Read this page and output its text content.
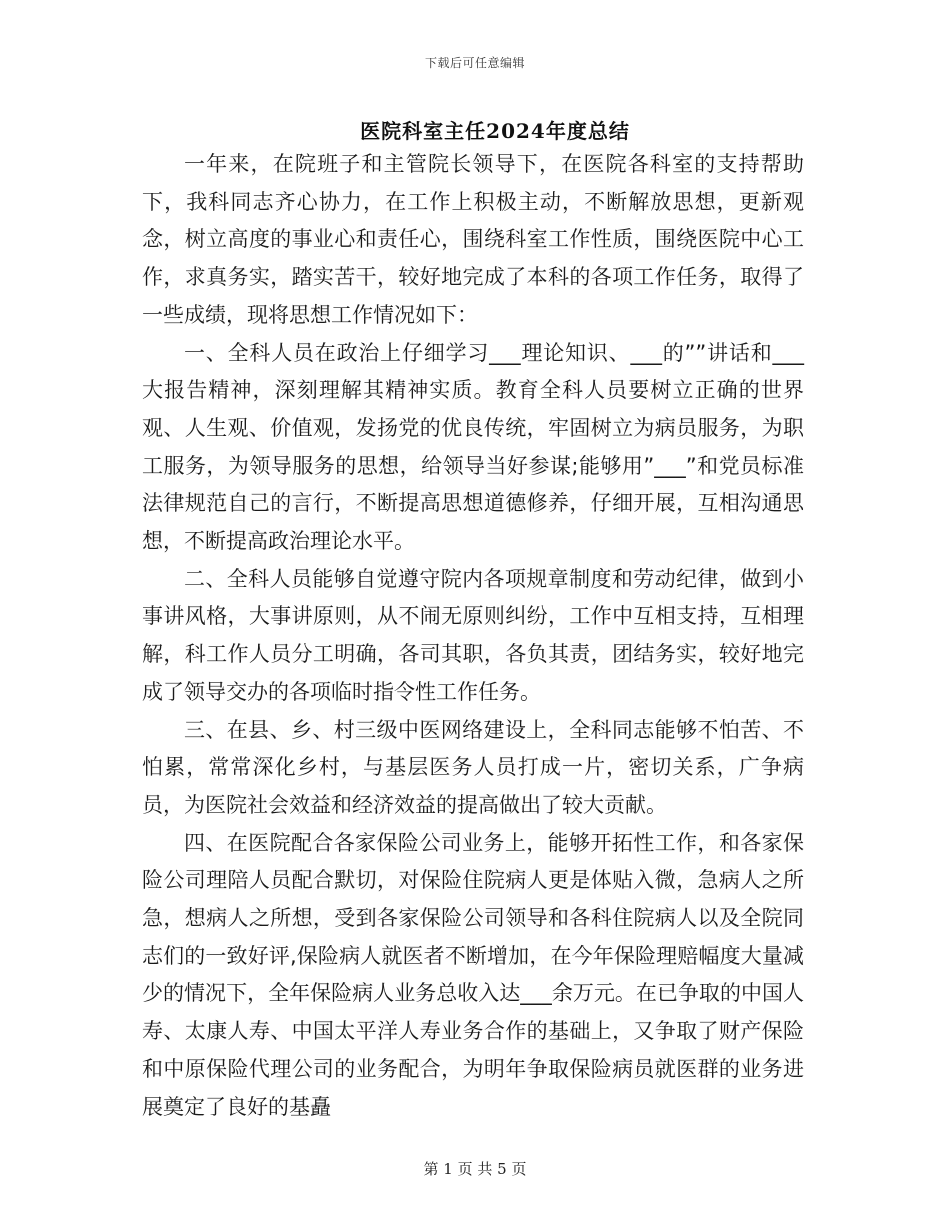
下载后可任意编辑
医院科室主任2024年度总结

一年来，在院班子和主管院长领导下，在医院各科室的支持帮助下，我科同志齐心协力，在工作上积极主动，不断解放思想，更新观念，树立高度的事业心和责任心，围绕科室工作性质，围绕医院中心工作，求真务实，踏实苦干，较好地完成了本科的各项工作任务，取得了一些成绩，现将思想工作情况如下：

一、全科人员在政治上仔细学习___理论知识、___的””讲话和___大报告精神，深刻理解其精神实质。教育全科人员要树立正确的世界观、人生观、价值观，发扬党的优良传统，牢固树立为病员服务，为职工服务，为领导服务的思想，给领导当好参谋;能够用”___”和党员标准法律规范自己的言行，不断提高思想道德修养，仔细开展，互相沟通思想，不断提高政治理论水平。

二、全科人员能够自觉遵守院内各项规章制度和劳动纪律，做到小事讲风格，大事讲原则，从不闹无原则纠纷，工作中互相支持，互相理解，科工作人员分工明确，各司其职，各负其责，团结务实，较好地完成了领导交办的各项临时指令性工作任务。

三、在县、乡、村三级中医网络建设上，全科同志能够不怕苦、不怕累，常常深化乡村，与基层医务人员打成一片，密切关系，广争病员，为医院社会效益和经济效益的提高做出了较大贡献。

四、在医院配合各家保险公司业务上，能够开拓性工作，和各家保险公司理陪人员配合默切，对保险住院病人更是体贴入微，急病人之所急，想病人之所想，受到各家保险公司领导和各科住院病人以及全院同志们的一致好评,保险病人就医者不断增加，在今年保险理赔幅度大量减少的情况下，全年保险病人业务总收入达___余万元。在已争取的中国人寿、太康人寿、中国太平洋人寿业务合作的基础上，又争取了财产保险和中原保险代理公司的业务配合，为明年争取保险病员就医群的业务进展奠定了良好的基矗

第 1 页 共 5 页
